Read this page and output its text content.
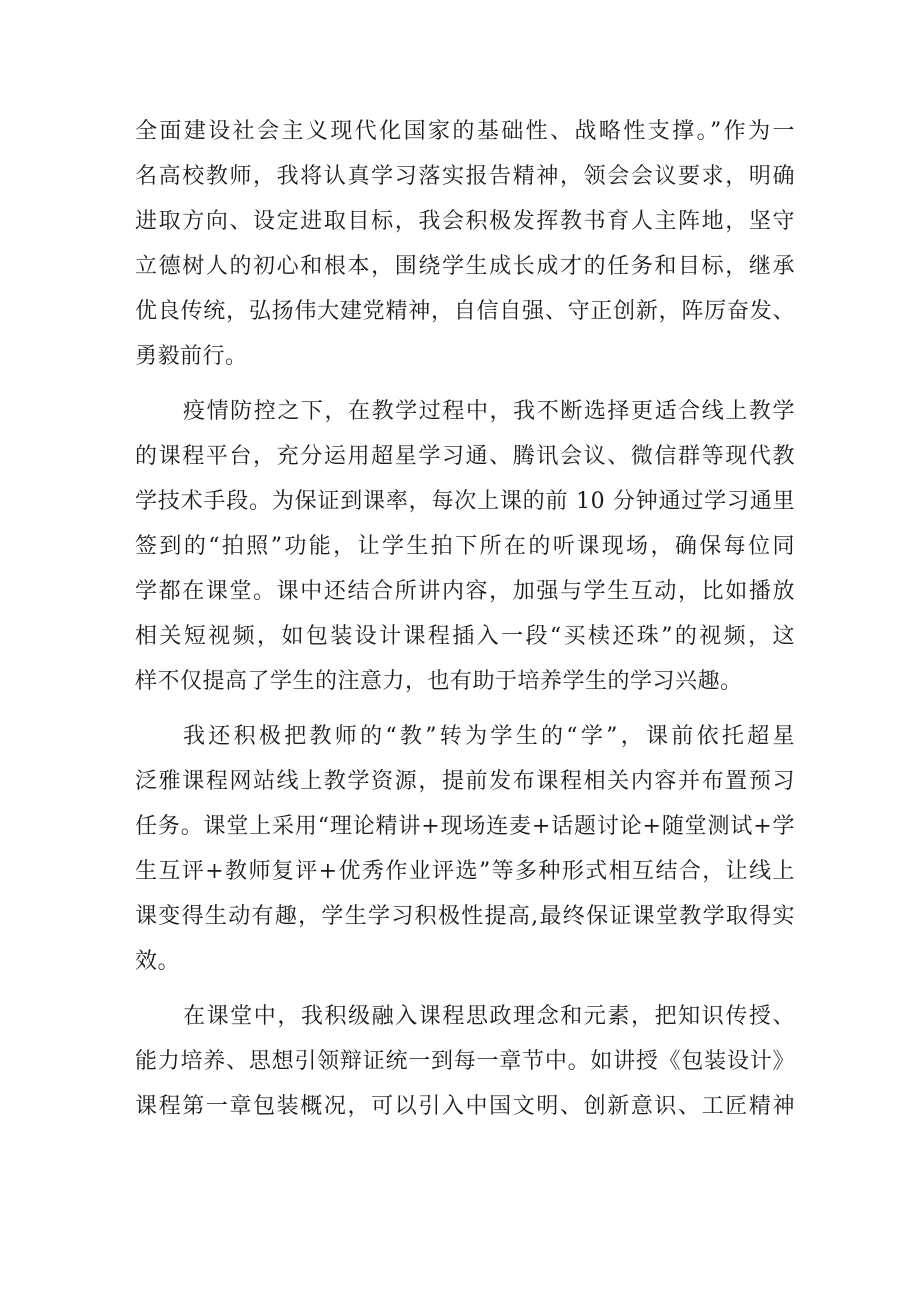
全面建设社会主义现代化国家的基础性、战略性支撑。”作为一
名高校教师，我将认真学习落实报告精神，领会会议要求，明确
进取方向、设定进取目标，我会积极发挥教书育人主阵地，坚守
立德树人的初心和根本，围绕学生成长成才的任务和目标，继承
优良传统，弘扬伟大建党精神，自信自强、守正创新，阵厉奋发、
勇毅前行。
疫情防控之下，在教学过程中，我不断选择更适合线上教学
的课程平台，充分运用超星学习通、腾讯会议、微信群等现代教
学技术手段。为保证到课率，每次上课的前 10 分钟通过学习通里
签到的“拍照”功能，让学生拍下所在的听课现场，确保每位同
学都在课堂。课中还结合所讲内容，加强与学生互动，比如播放
相关短视频，如包装设计课程插入一段“买椟还珠”的视频，这
样不仅提高了学生的注意力，也有助于培养学生的学习兴趣。
我还积极把教师的“教”转为学生的“学”，课前依托超星
泛雅课程网站线上教学资源，提前发布课程相关内容并布置预习
任务。课堂上采用“理论精讲+现场连麦+话题讨论+随堂测试+学
生互评+教师复评+优秀作业评选”等多种形式相互结合，让线上
课变得生动有趣，学生学习积极性提高,最终保证课堂教学取得实
效。
在课堂中，我积级融入课程思政理念和元素，把知识传授、
能力培养、思想引领辩证统一到每一章节中。如讲授《包装设计》
课程第一章包装概况，可以引入中国文明、创新意识、工匠精神
